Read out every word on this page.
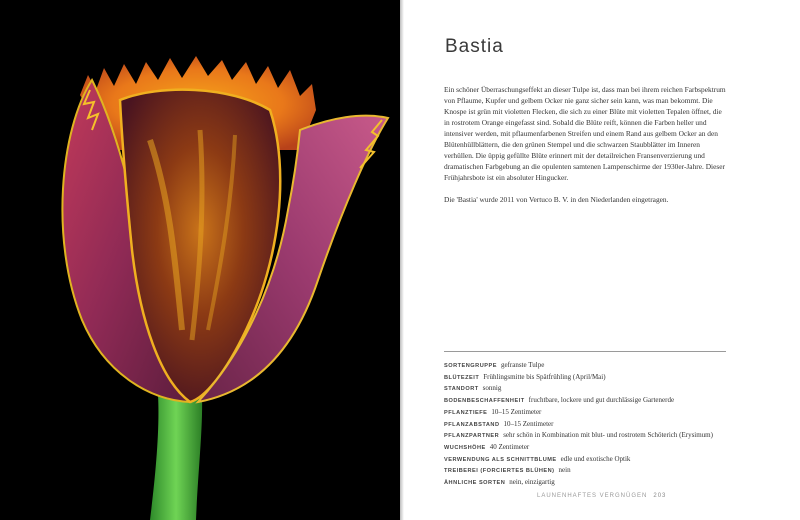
Bastia

Ein schöner Überraschungseffekt an dieser Tulpe ist, dass man bei ihrem reichen Farbspektrum von Pflaume, Kupfer und gelbem Ocker nie ganz sicher sein kann, was man bekommt. Die Knospe ist grün mit violetten Flecken, die sich zu einer Blüte mit violetten Tepalen öffnet, die in rostrotem Orange eingefasst sind. Sobald die Blüte reift, können die Farben heller und intensiver werden, mit pflaumenfarbenen Streifen und einem Rand aus gelbem Ocker an den Blütenhüllblättern, die den grünen Stempel und die schwarzen Staubblätter im Inneren verhüllen. Die üppig gefüllte Blüte erinnert mit der detailreichen Fransenverzierung und dramatischen Farbgebung an die opulenten samtenen Lampenschirme der 1930er-Jahre. Dieser Frühjahrsbote ist ein absoluter Hingucker.

Die 'Bastia' wurde 2011 von Vertuco B. V. in den Niederlanden eingetragen.

SORTENGRUPPE gefranste Tulpe
BLÜTEZEIT Frühlingsmitte bis Spätfrühling (April/Mai)
STANDORT sonnig
BODENBESCHAFFENHEIT fruchtbare, lockere und gut durchlässige Gartenerde
PFLANZTIEFE 10–15 Zentimeter
PFLANZABSTAND 10–15 Zentimeter
PFLANZPARTNER sehr schön in Kombination mit blut- und rostrotem Schöterich (Erysimum)
WUCHSHÖHE 40 Zentimeter
VERWENDUNG ALS SCHNITTBLUME edle und exotische Optik
TREIBEREI (FORCIERTES BLÜHEN) nein
ÄHNLICHE SORTEN nein, einzigartig
LAUNENHAFTES VERGNÜGEN 203
